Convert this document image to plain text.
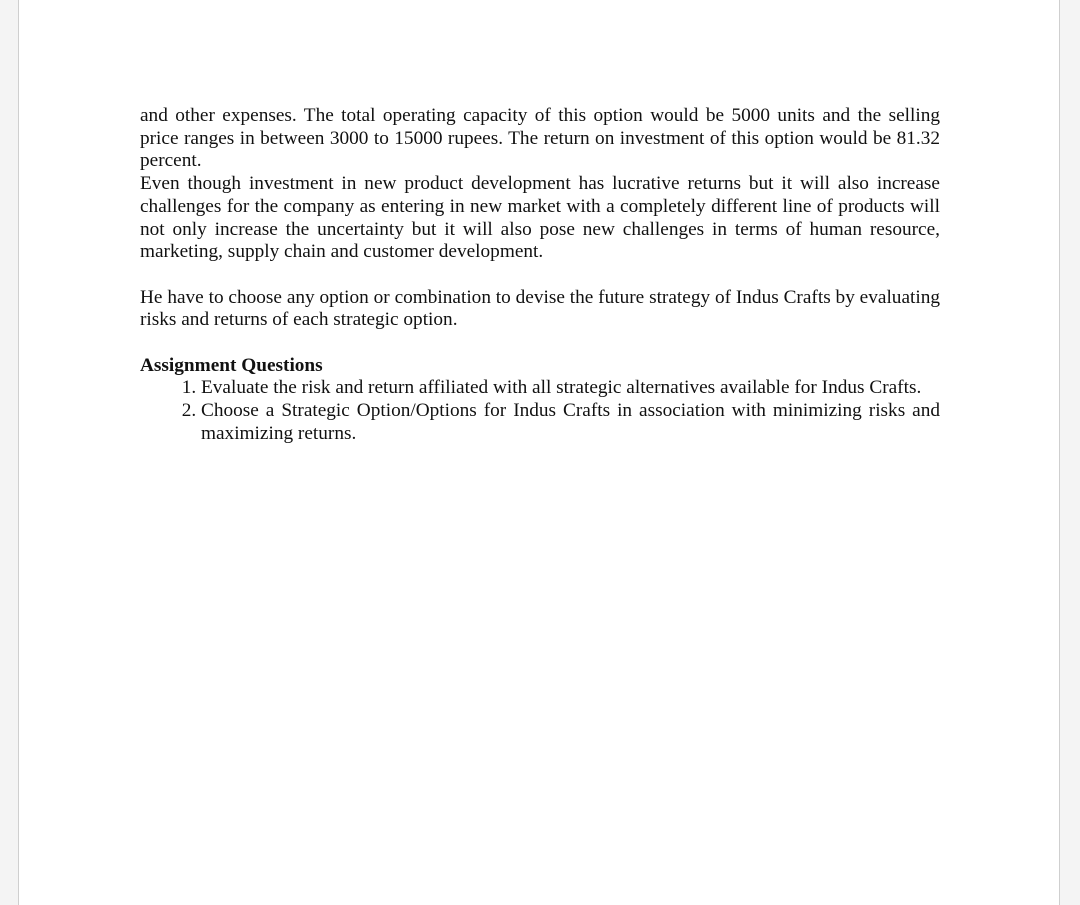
and other expenses. The total operating capacity of this option would be 5000 units and the selling price ranges in between 3000 to 15000 rupees. The return on investment of this option would be 81.32 percent.

Even though investment in new product development has lucrative returns but it will also increase challenges for the company as entering in new market with a completely different line of products will not only increase the uncertainty but it will also pose new challenges in terms of human resource, marketing, supply chain and customer development.

He have to choose any option or combination to devise the future strategy of Indus Crafts by evaluating risks and returns of each strategic option.

Assignment Questions

1. Evaluate the risk and return affiliated with all strategic alternatives available for Indus Crafts.
2. Choose a Strategic Option/Options for Indus Crafts in association with minimizing risks and maximizing returns.
